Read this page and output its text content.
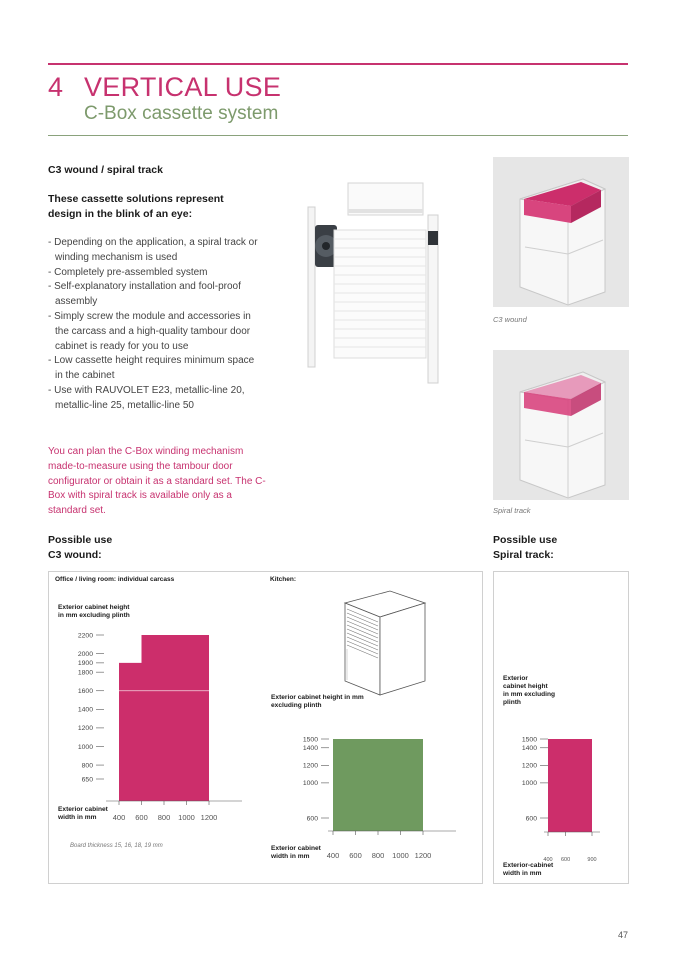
4 VERTICAL USE
C-Box cassette system
C3 wound / spiral track
These cassette solutions represent design in the blink of an eye:
- Depending on the application, a spiral track or winding mechanism is used
- Completely pre-assembled system
- Self-explanatory installation and fool-proof assembly
- Simply screw the module and accessories in the carcass and a high-quality tambour door cabinet is ready for you to use
- Low cassette height requires minimum space in the cabinet
- Use with RAUVOLET E23, metallic-line 20, metallic-line 25, metallic-line 50
You can plan the C-Box winding mechanism made-to-measure using the tambour door configurator or obtain it as a standard set. The C-Box with spiral track is available only as a standard set.
C3 wound
Spiral track
Possible use
C3 wound:
Possible use
Spiral track:
Office / living room: individual carcass	Kitchen:
Board thickness 15, 16, 18, 19 mm
Exterior cabinet height
in mm excluding plinth
2200
2000
1900
1800
1600
1400
1200
1000
800
650
400 600 800 1000 1200
Exterior cabinet
width in mm
Exterior cabinet height in mm
excluding plinth
1500
1400
1200
1000
600
400 600 800 1000 1200
Exterior cabinet
width in mm
Exterior
cabinet height
in mm excluding
plinth
1500
1400
1200
1000
600
400 600	900
Exterior-cabinet
width in mm
47
